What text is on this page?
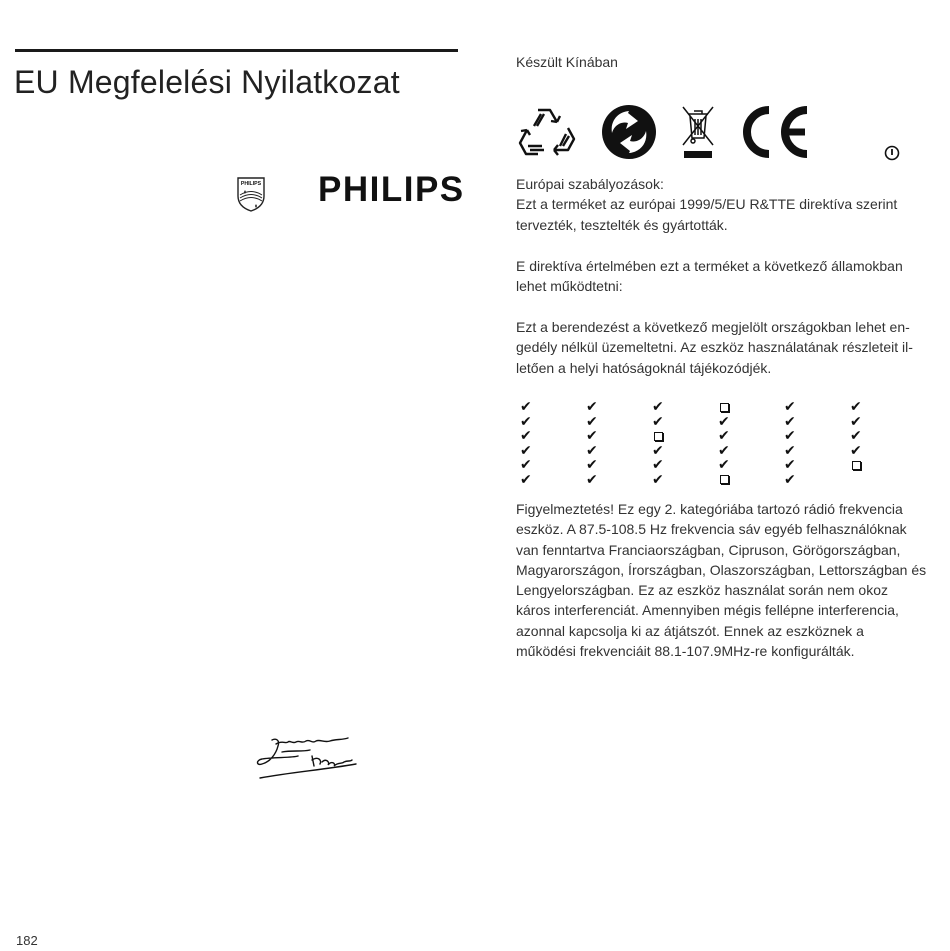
EU Megfelelési Nyilatkozat
PHILIPS PHILIPS
Készült Kínában
Európai szabályozások:
Ezt a terméket az európai 1999/5/EU R&TTE direktíva szerint
tervezték, tesztelték és gyártották.
E direktíva értelmében ezt a terméket a következő államokban
lehet működtetni:
Ezt a berendezést a következő megjelölt országokban lehet en-
gedély nélkül üzemeltetni. Az eszköz használatának részleteit il-
letően a helyi hatóságoknál tájékozódjék.
✔
✔
✔
✔
✔
✔
✔
✔
✔
✔
✔
✔
✔
✔
✔
✔
✔
✔
✔
✔
✔
✔
✔
✔
✔
✔
✔
✔
✔
✔
✔
Figyelmeztetés! Ez egy 2. kategóriába tartozó rádió frekvencia
eszköz. A 87.5-108.5 Hz frekvencia sáv egyéb felhasználóknak
van fenntartva Franciaországban, Cipruson, Görögországban,
Magyarországon, Írországban, Olaszországban, Lettországban és
Lengyelországban. Ez az eszköz használat során nem okoz
káros interferenciát. Amennyiben mégis fellépne interferencia,
azonnal kapcsolja ki az átjátszót. Ennek az eszköznek a
működési frekvenciáit 88.1-107.9MHz-re konfigurálták.
182
